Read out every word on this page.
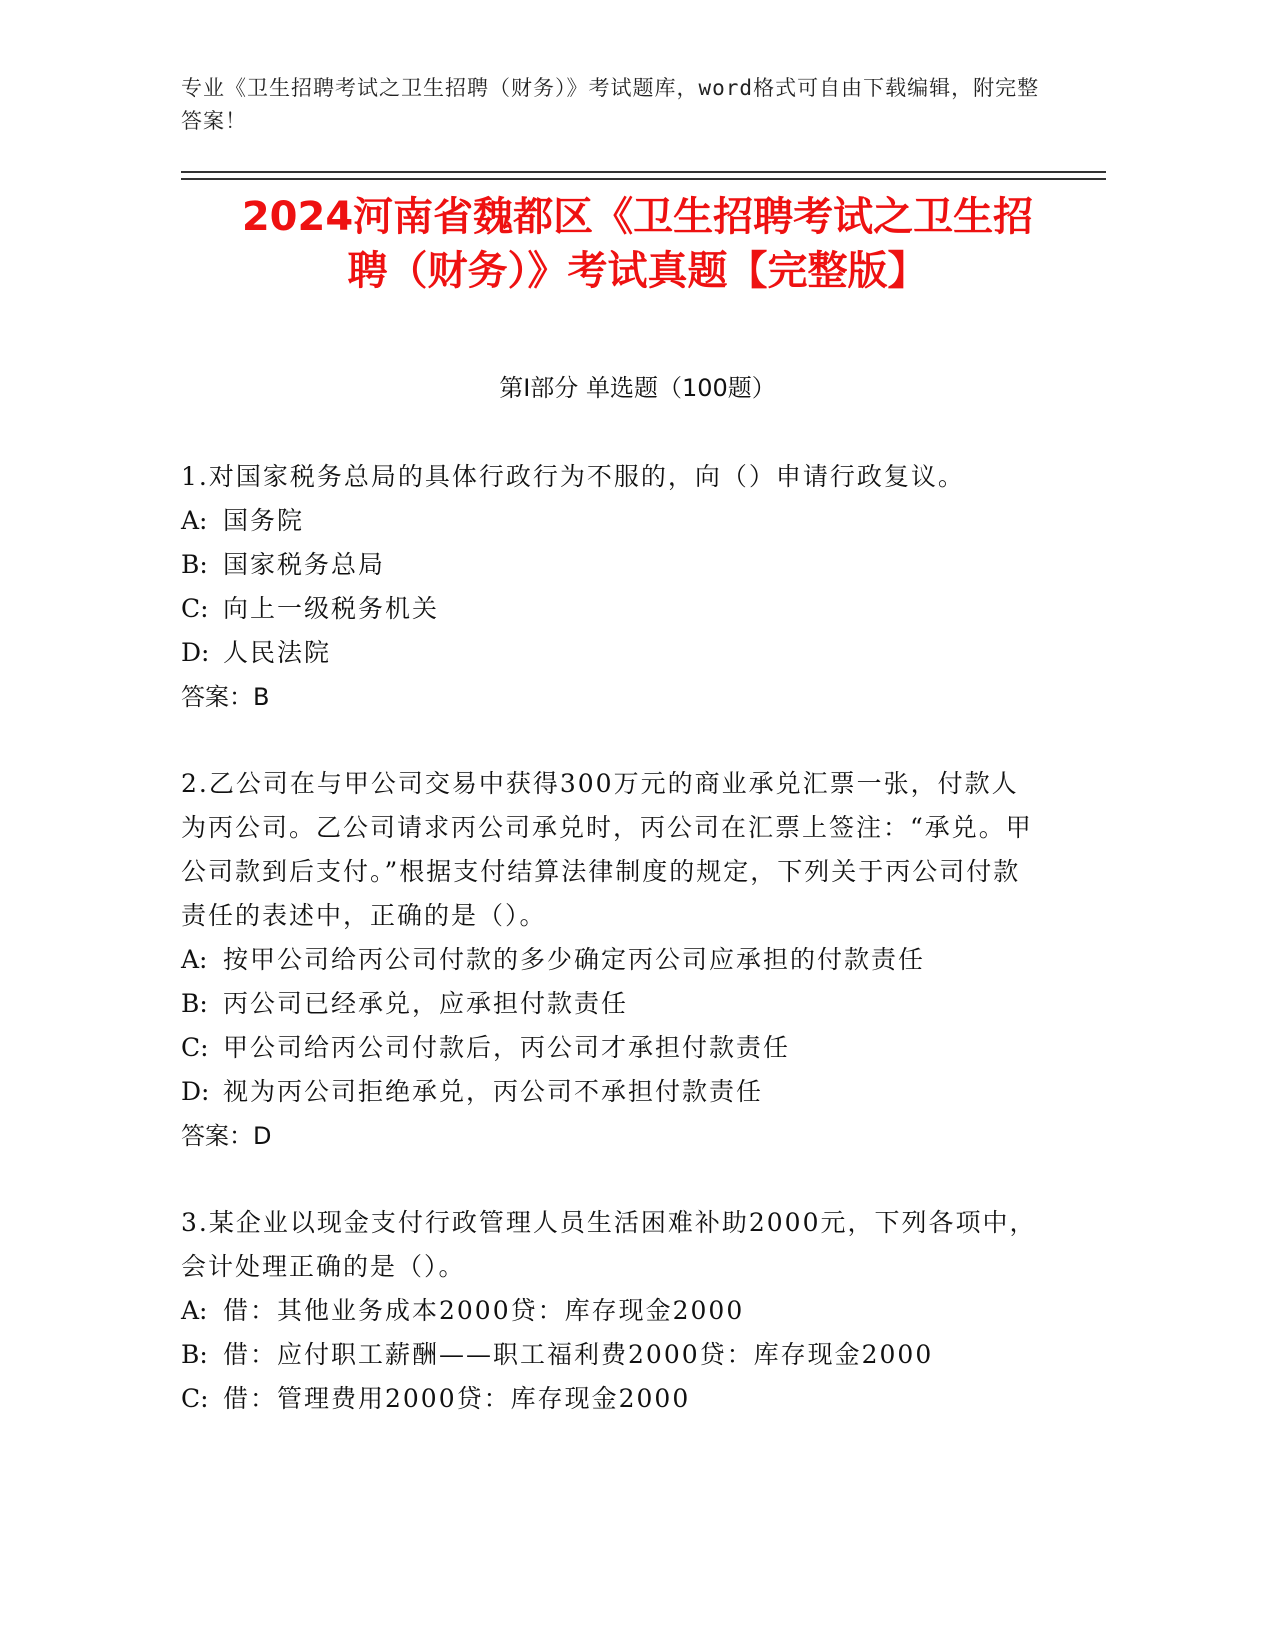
专业《卫生招聘考试之卫生招聘（财务）》考试题库，word格式可自由下载编辑，附完整答案！
2024河南省魏都区《卫生招聘考试之卫生招
聘（财务）》考试真题【完整版】
第Ⅰ部分 单选题（100题）
1.对国家税务总局的具体行政行为不服的，向（）申请行政复议。
A: 国务院
B: 国家税务总局
C: 向上一级税务机关
D: 人民法院
答案：B
2.乙公司在与甲公司交易中获得300万元的商业承兑汇票一张，付款人为丙公司。乙公司请求丙公司承兑时，丙公司在汇票上签注：“承兑。甲公司款到后支付。”根据支付结算法律制度的规定，下列关于丙公司付款责任的表述中，正确的是（）。
A: 按甲公司给丙公司付款的多少确定丙公司应承担的付款责任
B: 丙公司已经承兑，应承担付款责任
C: 甲公司给丙公司付款后，丙公司才承担付款责任
D: 视为丙公司拒绝承兑，丙公司不承担付款责任
答案：D
3.某企业以现金支付行政管理人员生活困难补助2000元，下列各项中，会计处理正确的是（）。
A: 借：其他业务成本2000贷：库存现金2000
B: 借：应付职工薪酬——职工福利费2000贷：库存现金2000
C: 借：管理费用2000贷：库存现金2000
